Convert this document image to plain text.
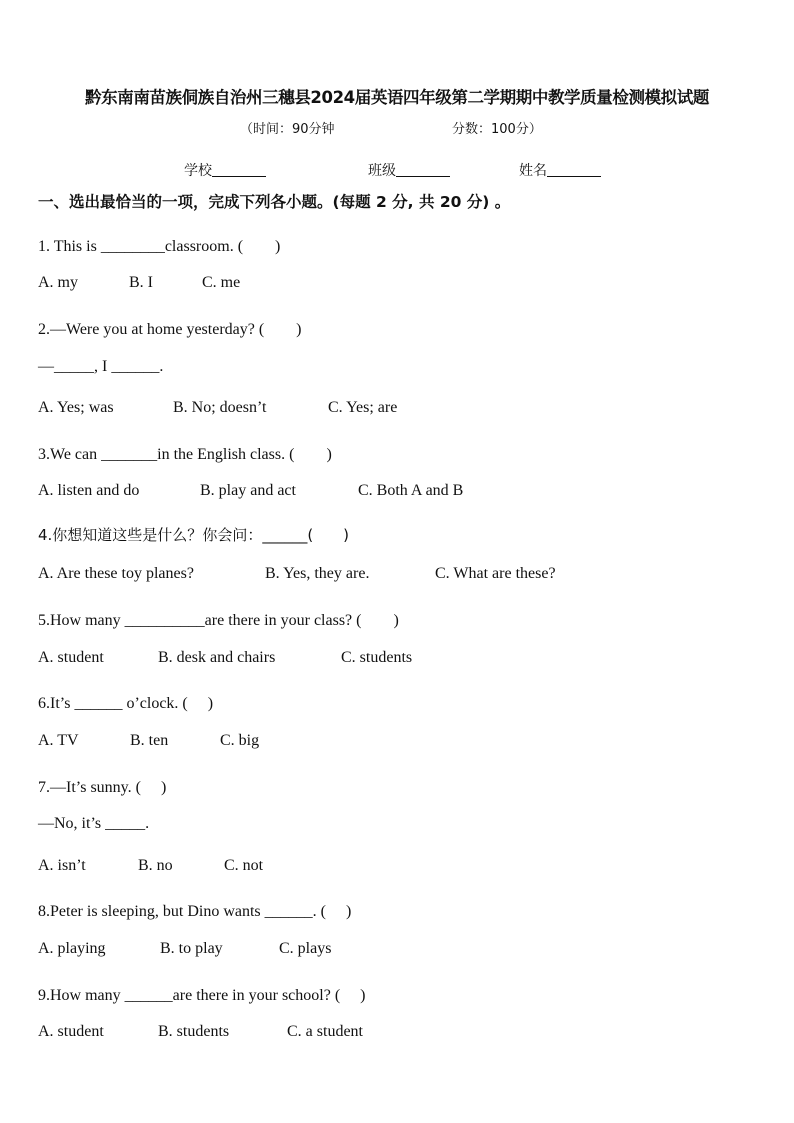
黔东南南苗族侗族自治州三穗县2024届英语四年级第二学期期中教学质量检测模拟试题
（时间：90分钟	分数：100分）
学校	班级	姓名
一、选出最恰当的一项，完成下列各小题。(每题 2 分, 共 20 分) 。
1. This is ________classroom. (　　)
A. my	B. I	C. me
2.—Were you at home yesterday? (　　)
—_____, I ______.
A. Yes; was	B. No; doesn’t	C. Yes; are
3.We can _______in the English class. (　　)
A. listen and do	B. play and act	C. Both A and B
4.你想知道这些是什么？你会问：______(　　)
A. Are these toy planes?	B. Yes, they are.	C. What are these?
5.How many __________are there in your class? (　　)
A. student	B. desk and chairs	C. students
6.It’s ______ o’clock. (　 )
A. TV	B. ten	C. big
7.—It’s sunny. (　 )
—No, it’s _____.
A. isn’t	B. no	C. not
8.Peter is sleeping, but Dino wants ______. (　 )
A. playing	B. to play	C. plays
9.How many ______are there in your school? (　 )
A. student	B. students	C. a student
